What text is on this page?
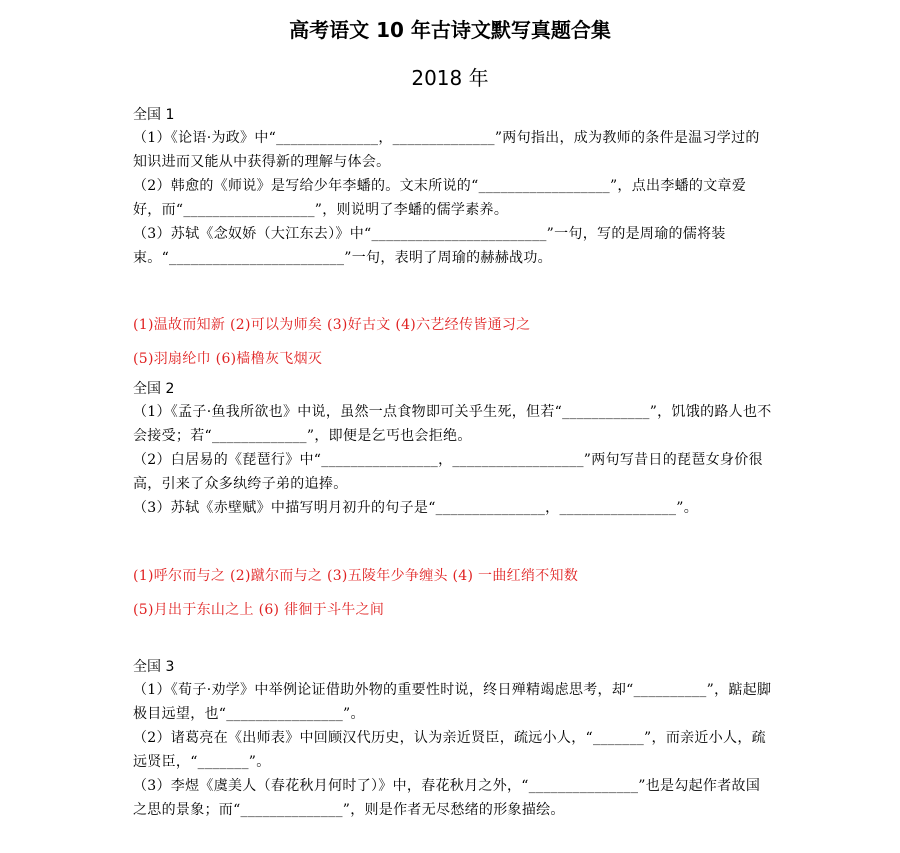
高考语文 10 年古诗文默写真题合集
2018 年
全国 1
（1）《论语·为政》中“______________，______________”两句指出，成为教师的条件是温习学过的知识进而又能从中获得新的理解与体会。
（2）韩愈的《师说》是写给少年李蟠的。文末所说的“__________________”，点出李蟠的文章爱好，而“__________________”，则说明了李蟠的儒学素养。
（3）苏轼《念奴娇（大江东去）》中“________________________”一句，写的是周瑜的儒将装束。“________________________”一句，表明了周瑜的赫赫战功。
(1)温故而知新 (2)可以为师矣 (3)好古文 (4)六艺经传皆通习之
(5)羽扇纶巾 (6)樯橹灰飞烟灭
全国 2
（1）《孟子·鱼我所欲也》中说，虽然一点食物即可关乎生死，但若“____________”，饥饿的路人也不会接受；若“_____________”，即便是乞丐也会拒绝。
（2）白居易的《琵琶行》中“________________，__________________”两句写昔日的琵琶女身价很高，引来了众多纨绔子弟的追捧。
（3）苏轼《赤壁赋》中描写明月初升的句子是“_______________，________________”。
(1)呼尔而与之 (2)蹴尔而与之 (3)五陵年少争缠头 (4) 一曲红绡不知数
(5)月出于东山之上 (6) 徘徊于斗牛之间
全国 3
（1）《荀子·劝学》中举例论证借助外物的重要性时说，终日殚精竭虑思考，却“__________”，踮起脚极目远望，也“________________”。
（2）诸葛亮在《出师表》中回顾汉代历史，认为亲近贤臣，疏远小人，“_______”，而亲近小人，疏远贤臣，“_______”。
（3）李煜《虞美人（春花秋月何时了）》中，春花秋月之外，“_______________”也是勾起作者故国之思的景象；而“______________”，则是作者无尽愁绪的形象描绘。
